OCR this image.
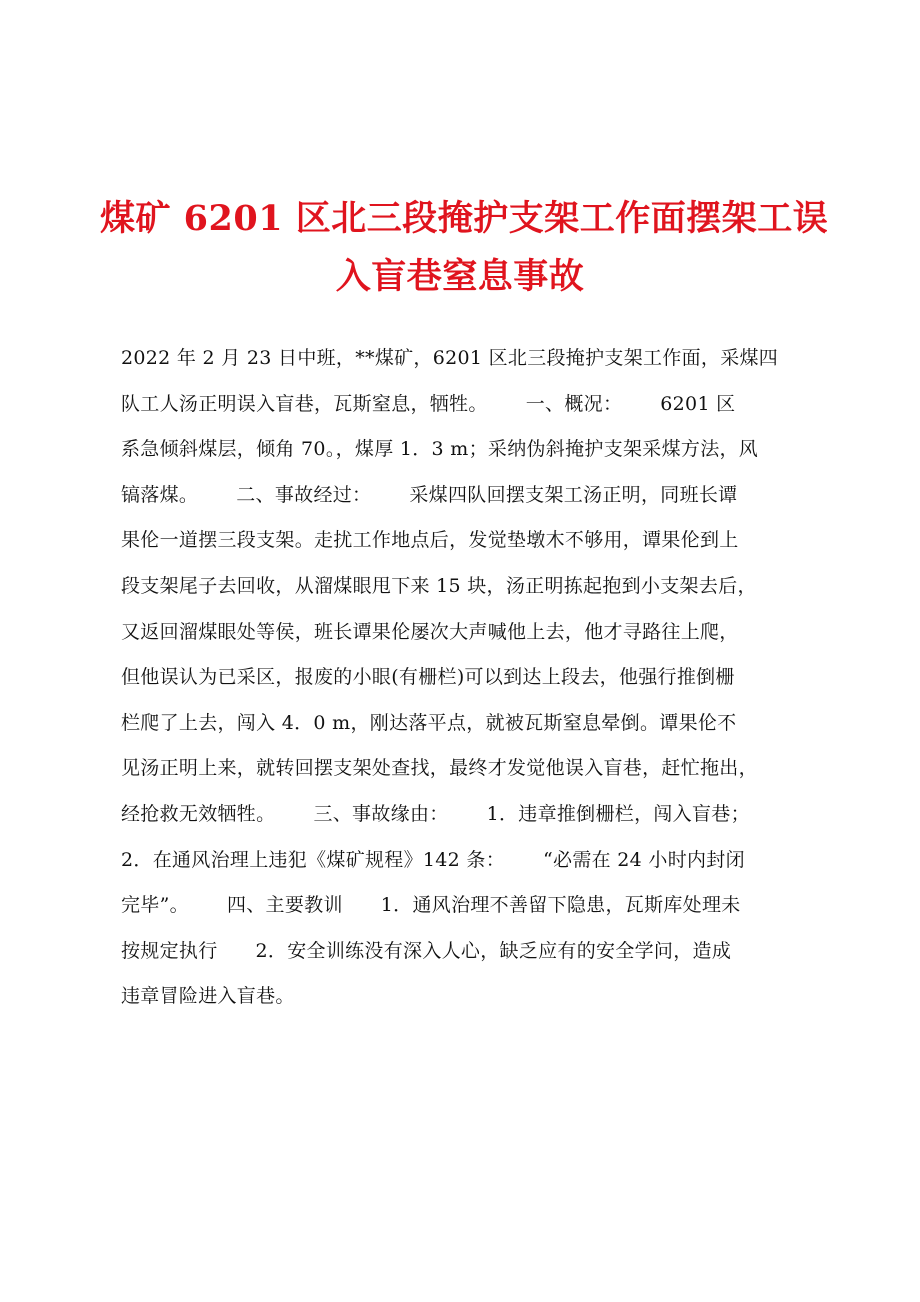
煤矿 6201 区北三段掩护支架工作面摆架工误
入盲巷窒息事故
2022 年 2 月 23 日中班，**煤矿，6201 区北三段掩护支架工作面，采煤四
队工人汤正明误入盲巷，瓦斯窒息，牺牲。      一、概况：      6201 区
系急倾斜煤层，倾角 70。，煤厚 1．3 m；采纳伪斜掩护支架采煤方法，风
镐落煤。      二、事故经过：      采煤四队回摆支架工汤正明，同班长谭
果伦一道摆三段支架。走扰工作地点后，发觉垫墩木不够用，谭果伦到上
段支架尾子去回收，从溜煤眼甩下来 15 块，汤正明拣起抱到小支架去后，
又返回溜煤眼处等侯，班长谭果伦屡次大声喊他上去，他才寻路往上爬，
但他误认为已采区，报废的小眼(有栅栏)可以到达上段去，他强行推倒栅
栏爬了上去，闯入 4．0 m，刚达落平点，就被瓦斯窒息晕倒。谭果伦不
见汤正明上来，就转回摆支架处查找，最终才发觉他误入盲巷，赶忙拖出，
经抢救无效牺牲。      三、事故缘由：      1．违章推倒栅栏，闯入盲巷；
2．在通风治理上违犯《煤矿规程》142 条：      “必需在 24 小时内封闭
完毕”。      四、主要教训      1．通风治理不善留下隐患，瓦斯库处理未
按规定执行      2．安全训练没有深入人心，缺乏应有的安全学问，造成
违章冒险进入盲巷。
